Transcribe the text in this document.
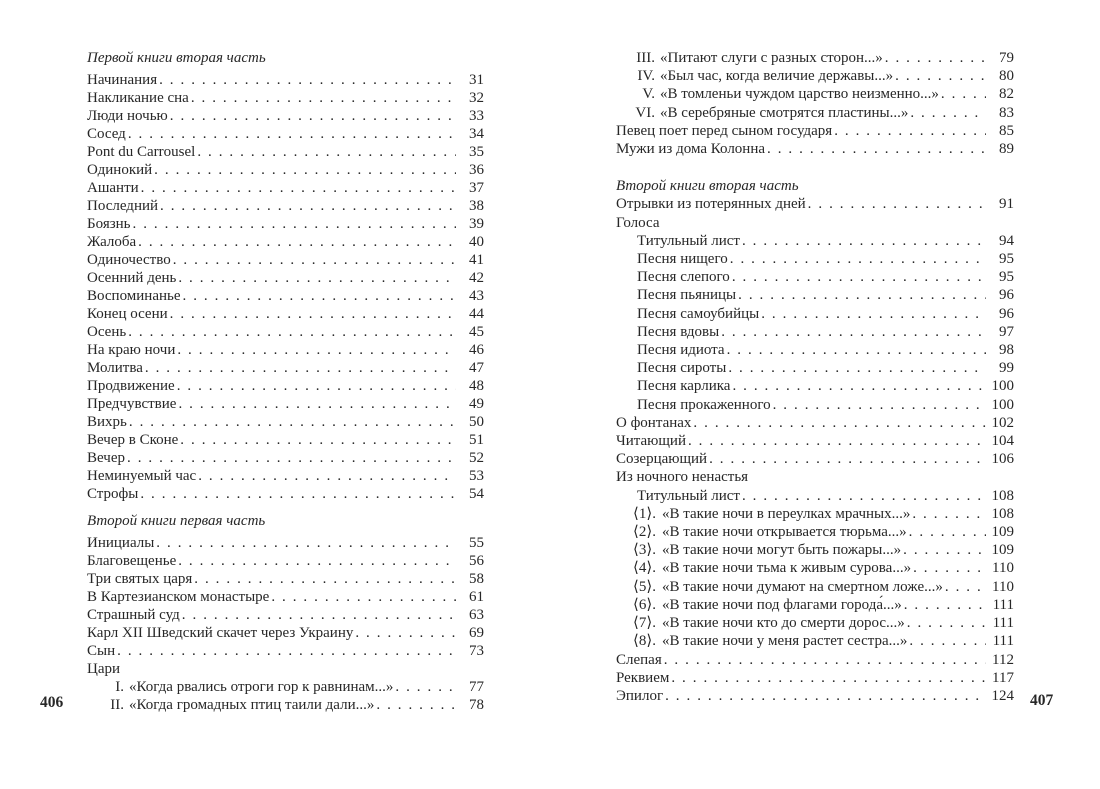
Первой книги вторая часть
Начинания . . .	31
Накликание сна . . .	32
Люди ночью . . .	33
Сосед . . .	34
Pont du Carrousel . . .	35
Одинокий . . .	36
Ашанти . . .	37
Последний . . .	38
Боязнь . . .	39
Жалоба . . .	40
Одиночество . . .	41
Осенний день . . .	42
Воспоминанье . . .	43
Конец осени . . .	44
Осень . . .	45
На краю ночи . . .	46
Молитва . . .	47
Продвижение . . .	48
Предчувствие . . .	49
Вихрь . . .	50
Вечер в Сконе . . .	51
Вечер . . .	52
Неминуемый час . . .	53
Строфы . . .	54
Второй книги первая часть
Инициалы . . .	55
Благовещенье . . .	56
Три святых царя . . .	58
В Картезианском монастыре . . .	61
Страшный суд . . .	63
Карл XII Шведский скачет через Украину . . .	69
Сын . . .	73
Цари
I. «Когда рвались отроги гор к равнинам...» . . .	77
II. «Когда громадных птиц таили дали...» . . .	78
III. «Питают слуги с разных сторон...» . . .	79
IV. «Был час, когда величие державы...» . . .	80
V. «В томленьи чуждом царство неизменно...» . . .	82
VI. «В серебряные смотрятся пластины...» . . .	83
Певец поет перед сыном государя . . .	85
Мужи из дома Колонна . . .	89
Второй книги вторая часть
Отрывки из потерянных дней . . .	91
Голоса
Титульный лист . . .	94
Песня нищего . . .	95
Песня слепого . . .	95
Песня пьяницы . . .	96
Песня самоубийцы . . .	96
Песня вдовы . . .	97
Песня идиота . . .	98
Песня сироты . . .	99
Песня карлика . . .	100
Песня прокаженного . . .	100
О фонтанах . . .	102
Читающий . . .	104
Созерцающий . . .	106
Из ночного ненастья
Титульный лист . . .	108
⟨1⟩. «В такие ночи в переулках мрачных...» . . .	108
⟨2⟩. «В такие ночи открывается тюрьма...» . . .	109
⟨3⟩. «В такие ночи могут быть пожары...» . . .	109
⟨4⟩. «В такие ночи тьма к живым сурова...» . . .	110
⟨5⟩. «В такие ночи думают на смертном ложе...» . . .	110
⟨6⟩. «В такие ночи под флагами города́...» . . .	111
⟨7⟩. «В такие ночи кто до смерти дорос...» . . .	111
⟨8⟩. «В такие ночи у меня растет сестра...» . . .	111
Слепая . . .	112
Реквием . . .	117
Эпилог . . .	124
406	407
